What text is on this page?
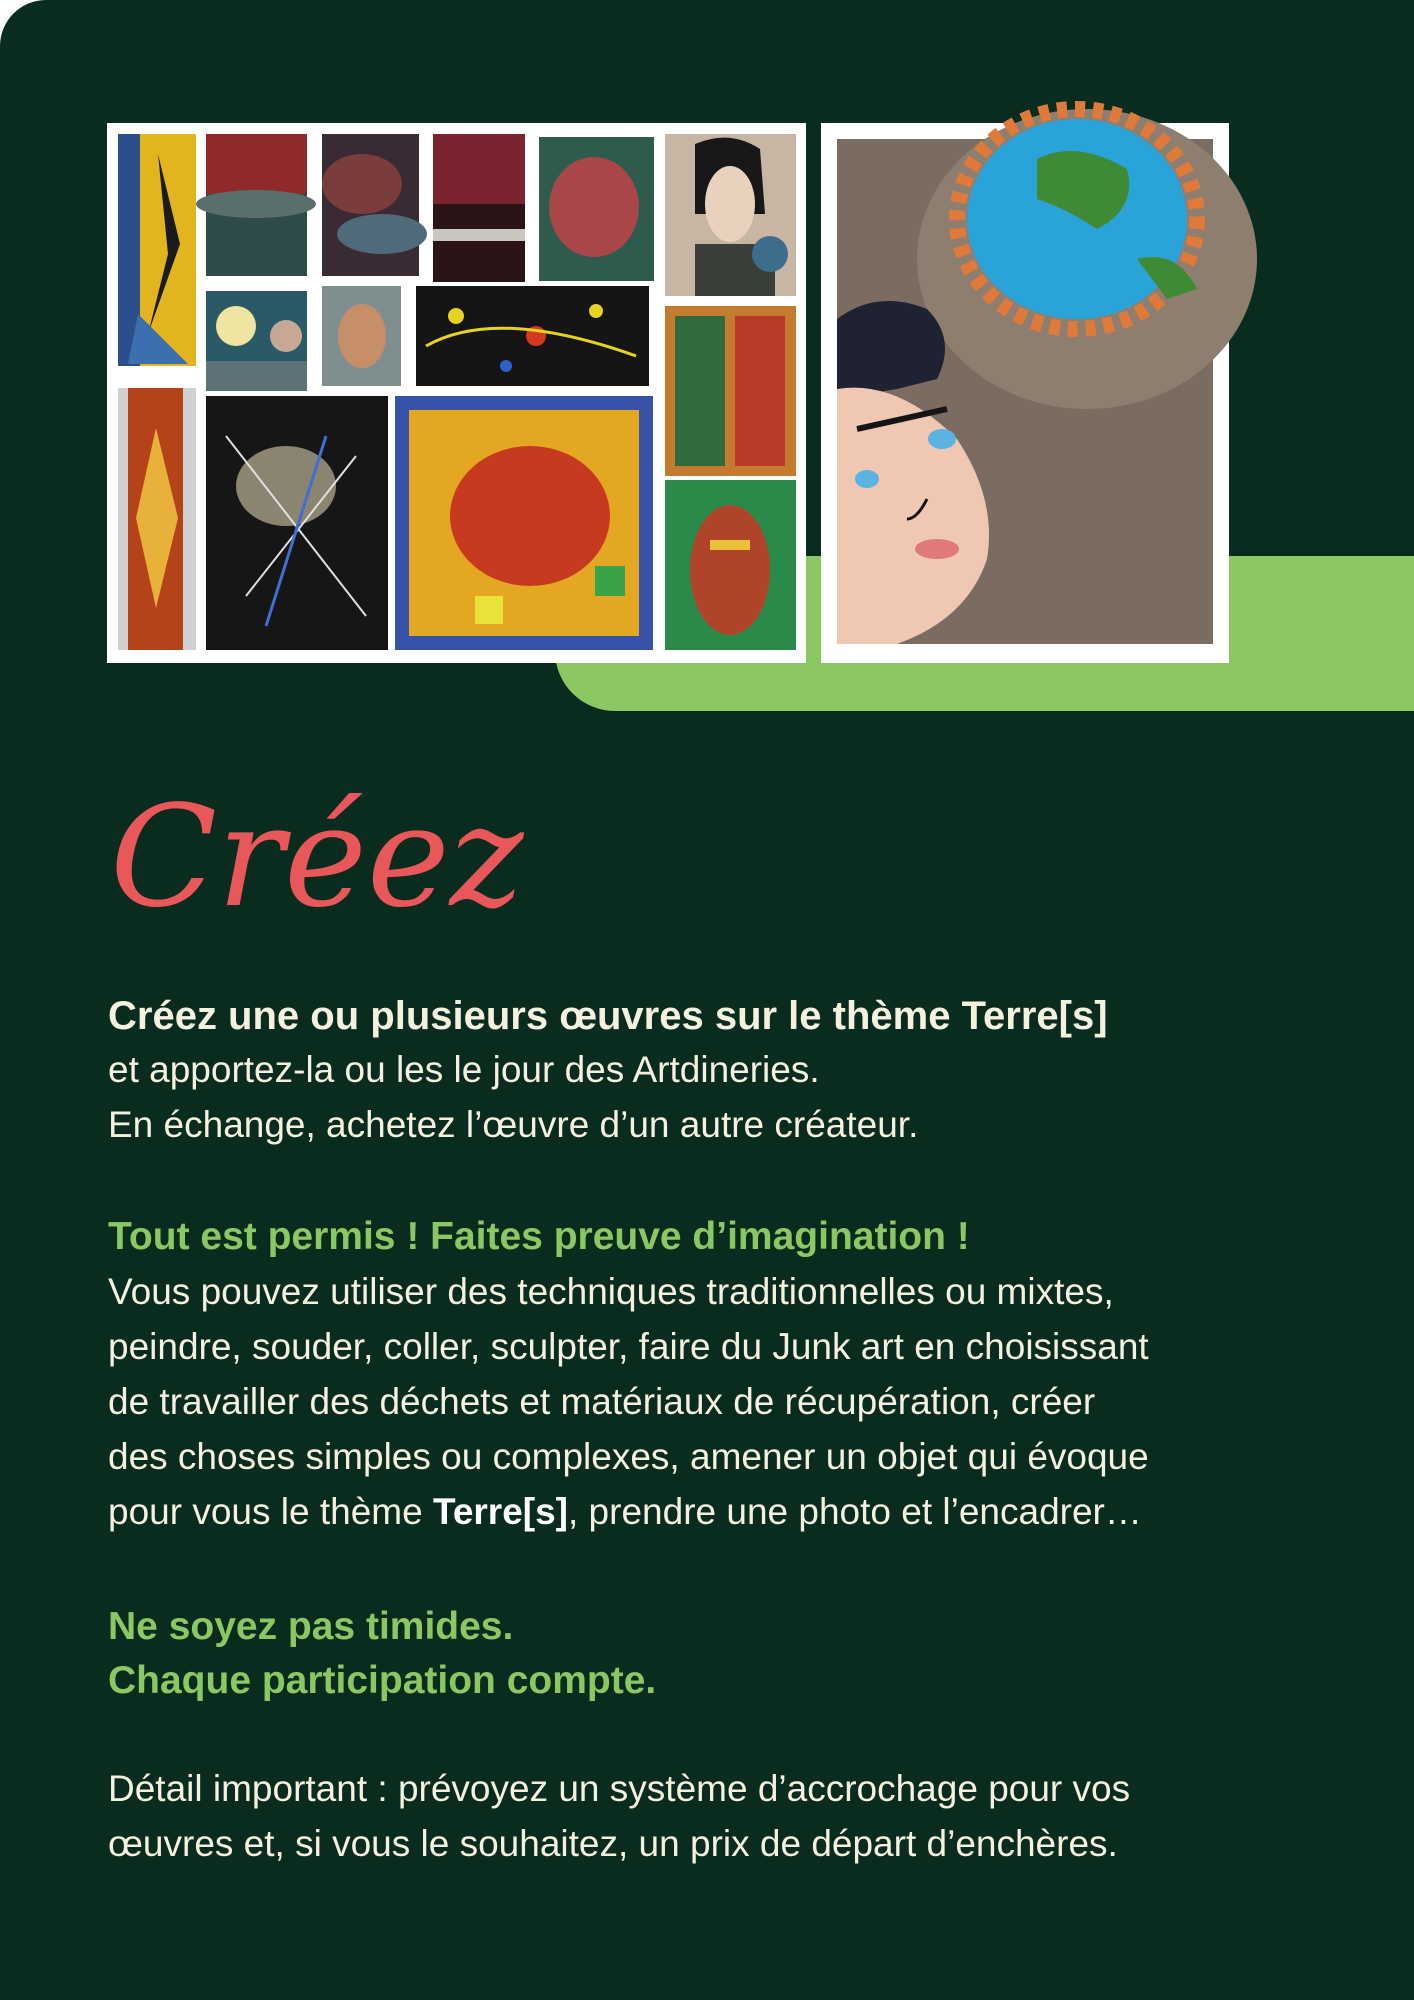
Créez
Créez une ou plusieurs œuvres sur le thème Terre[s]
et apportez-la ou les le jour des Artdineries.
En échange, achetez l’œuvre d’un autre créateur.
Tout est permis ! Faites preuve d’imagination !
Vous pouvez utiliser des techniques traditionnelles ou mixtes,
peindre, souder, coller, sculpter, faire du Junk art en choisissant
de travailler des déchets et matériaux de récupération, créer
des choses simples ou complexes, amener un objet qui évoque
pour vous le thème Terre[s], prendre une photo et l’encadrer…
Ne soyez pas timides.
Chaque participation compte.
Détail important : prévoyez un système d’accrochage pour vos
œuvres et, si vous le souhaitez, un prix de départ d’enchères.
